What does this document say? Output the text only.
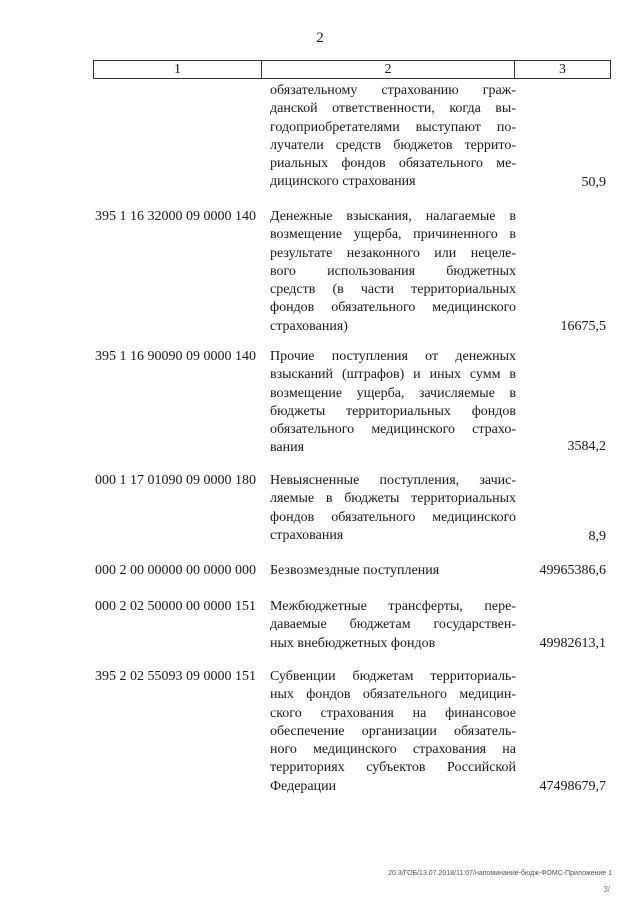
2
1	2	3
обязательному страхованию граж-
данской ответственности, когда вы-
годоприобретателями выступают по-
лучатели средств бюджетов террито-
риальных фондов обязательного ме-
дицинского страхования	50,9
395 1 16 32000 09 0000 140	Денежные взыскания, налагаемые в
возмещение ущерба, причиненного в
результате незаконного или нецеле-
вого использования бюджетных
средств (в части территориальных
фондов обязательного медицинского
страхования)	16675,5
395 1 16 90090 09 0000 140	Прочие поступления от денежных
взысканий (штрафов) и иных сумм в
возмещение ущерба, зачисляемые в
бюджеты территориальных фондов
обязательного медицинского страхо-
вания	3584,2
000 1 17 01090 09 0000 180	Невыясненные поступления, зачис-
ляемые в бюджеты территориальных
фондов обязательного медицинского
страхования	8,9
000 2 00 00000 00 0000 000	Безвозмездные поступления	49965386,6
000 2 02 50000 00 0000 151	Межбюджетные трансферты, пере-
даваемые бюджетам государствен-
ных внебюджетных фондов	49982613,1
395 2 02 55093 09 0000 151	Субвенции бюджетам территориаль-
ных фондов обязательного медицин-
ского страхования на финансовое
обеспечение организации обязатель-
ного медицинского страхования на
территориях субъектов Российской
Федерации	47498679,7
20.3/ГОБ/13.07.2018/11:07/напоминание-бюдж-ФОМС-Приложение 1
3/
